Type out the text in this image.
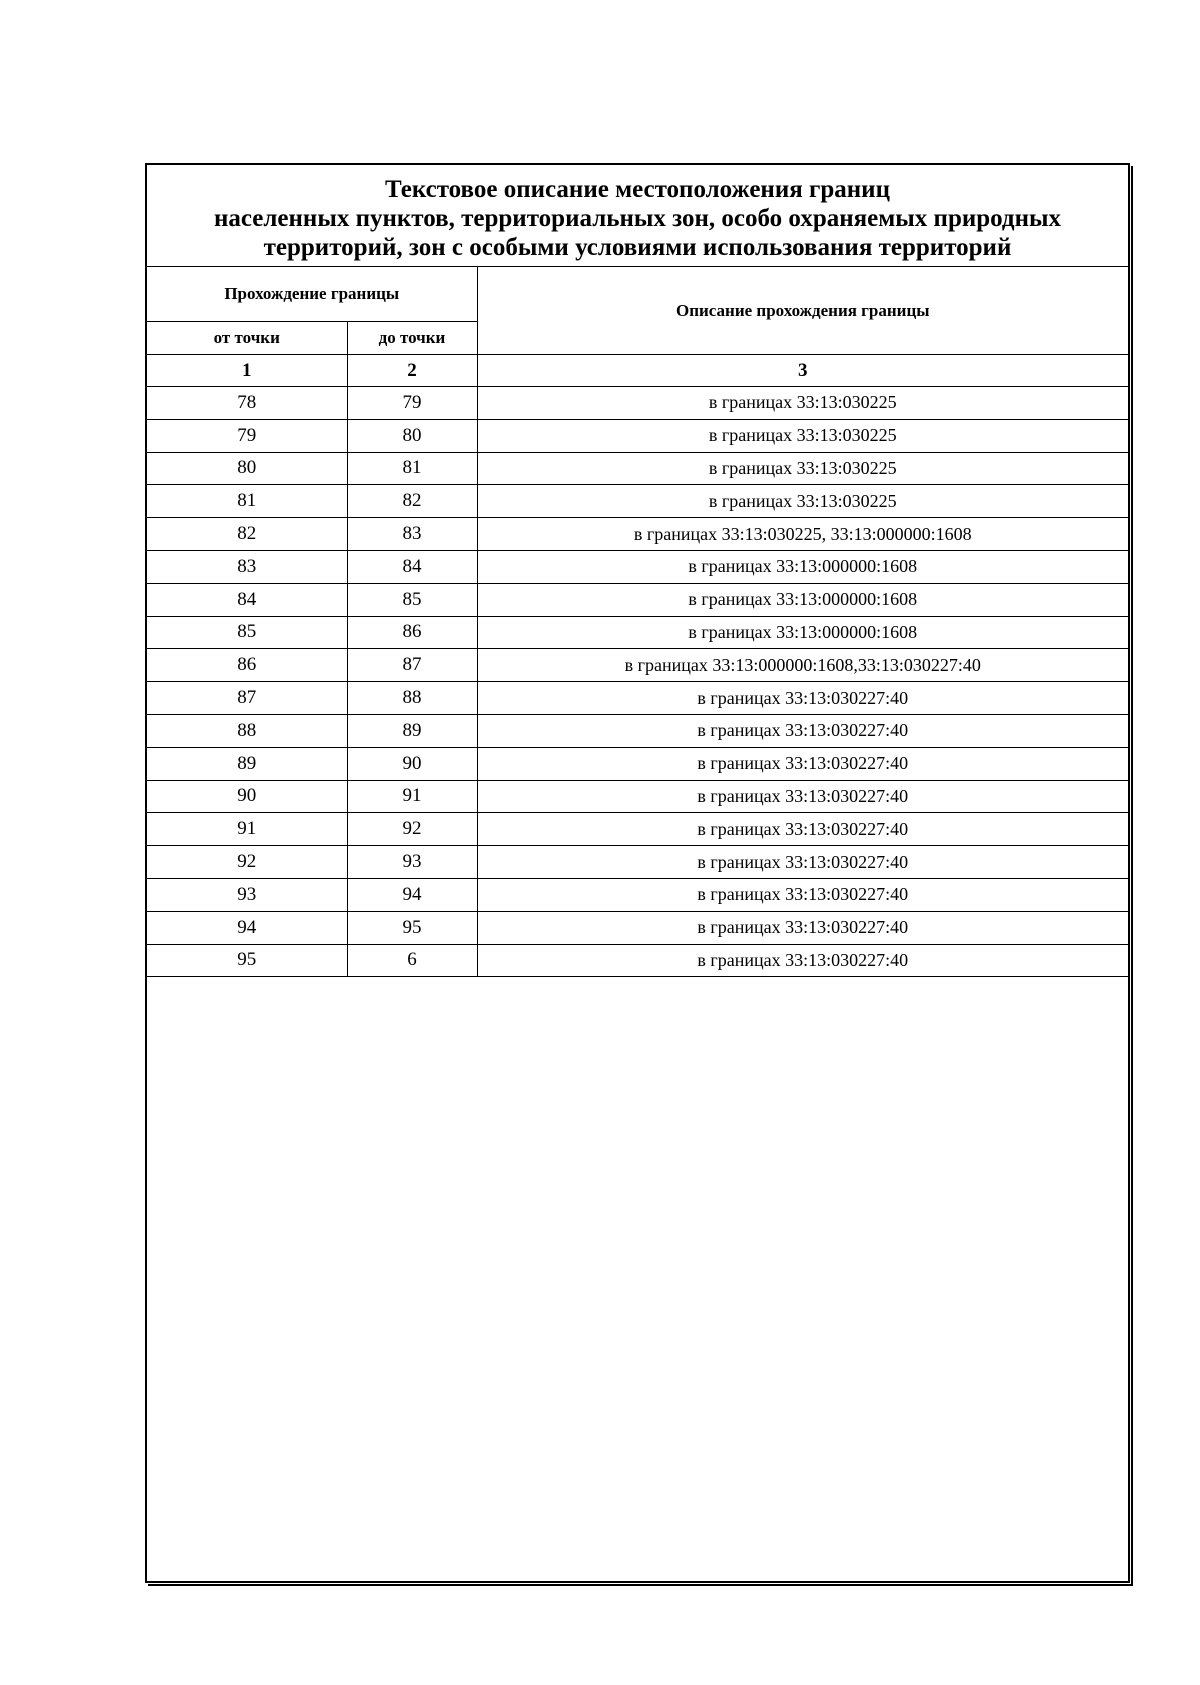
Текстовое описание местоположения границ
населенных пунктов, территориальных зон, особо охраняемых природных
территорий, зон с особыми условиями использования территорий
Прохождение границы		Описание прохождения границы
от точки	до точки	
1	2	3
78	79	в границах 33:13:030225
79	80	в границах 33:13:030225
80	81	в границах 33:13:030225
81	82	в границах 33:13:030225
82	83	в границах 33:13:030225, 33:13:000000:1608
83	84	в границах 33:13:000000:1608
84	85	в границах 33:13:000000:1608
85	86	в границах 33:13:000000:1608
86	87	в границах 33:13:000000:1608,33:13:030227:40
87	88	в границах 33:13:030227:40
88	89	в границах 33:13:030227:40
89	90	в границах 33:13:030227:40
90	91	в границах 33:13:030227:40
91	92	в границах 33:13:030227:40
92	93	в границах 33:13:030227:40
93	94	в границах 33:13:030227:40
94	95	в границах 33:13:030227:40
95	6	в границах 33:13:030227:40
